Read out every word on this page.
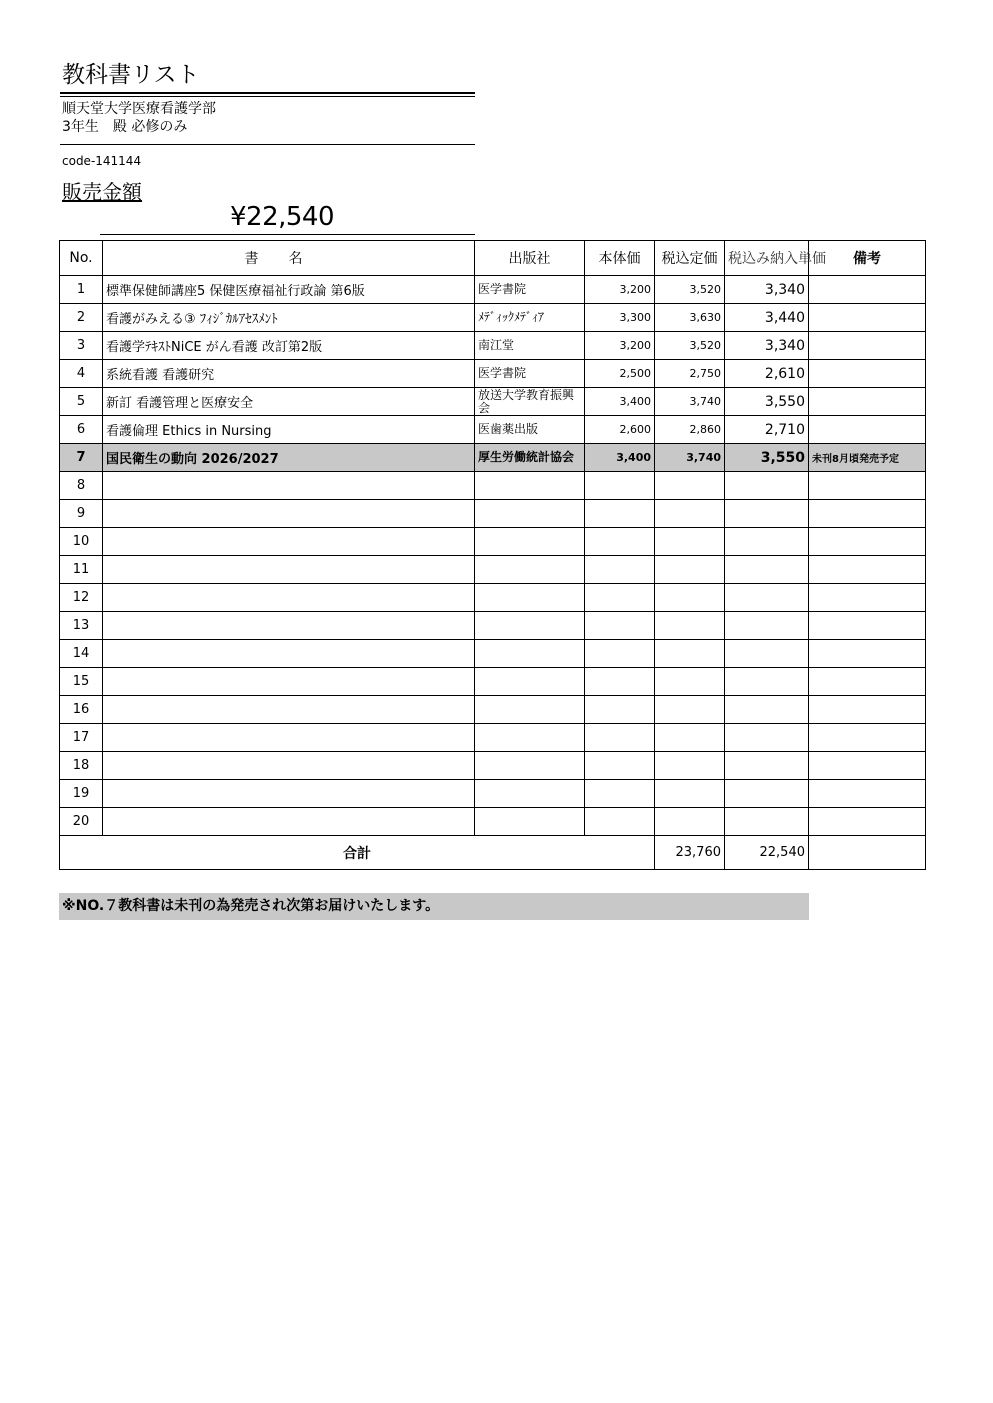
教科書リスト
順天堂大学医療看護学部
3年生　殿 必修のみ
code-141144
販売金額
¥22,540
No.	書名	出版社	本体価	税込定価	税込み納入単価	備考
1	標準保健師講座5 保健医療福祉行政論 第6版	医学書院	3,200	3,520	3,340	
2	看護がみえる③ ﾌｨｼﾞｶﾙｱｾｽﾒﾝﾄ	ﾒﾃﾞｨｯｸﾒﾃﾞｨｱ	3,300	3,630	3,440	
3	看護学ﾃｷｽﾄNiCE がん看護 改訂第2版	南江堂	3,200	3,520	3,340	
4	系統看護 看護研究	医学書院	2,500	2,750	2,610	
5	新訂 看護管理と医療安全	放送大学教育振興会	3,400	3,740	3,550	
6	看護倫理 Ethics in Nursing	医歯薬出版	2,600	2,860	2,710	
7	国民衛生の動向 2026/2027	厚生労働統計協会	3,400	3,740	3,550	未刊8月頃発売予定
8						
9						
10						
11						
12						
13						
14						
15						
16						
17						
18						
19						
20						
合計				23,760	22,540	
※NO.７教科書は未刊の為発売され次第お届けいたします。
